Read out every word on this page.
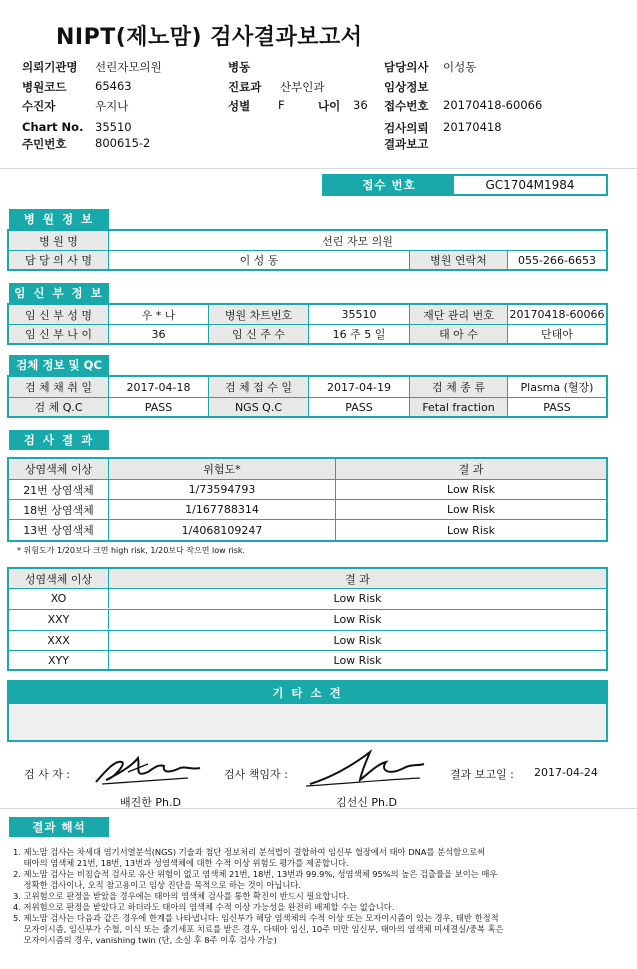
NIPT(제노맘) 검사결과보고서
의뢰기관명 선린자모의원	병동	담당의사 이성동
병원코드 65463	진료과 산부인과	임상정보
수진자	우지나	성별 F	나이 36 접수번호 20170418-60066
Chart No. 35510	검사의뢰 20170418
주민번호 800615-2	결과보고
접수 번호	GC1704M1984
병 원 정 보
병 원 명	선린 자모 의원
담 당 의 사 명	이 성 동	병원 연락처	055-266-6653
임 신 부 정 보
임 신 부 성 명	우 * 나	병원 차트번호	35510	재단 관리 번호	20170418-60066
임 신 부 나 이	36	임 신 주 수	16 주 5 일	태 아 수	단태아
검체 정보 및 QC
검 체 채 취 일	2017-04-18	검 체 접 수 일	2017-04-19	검 체 종 류	Plasma (혈장)
검 체 Q.C	PASS	NGS Q.C	PASS	Fetal fraction	PASS
검 사 결 과
상염색체 이상	위험도*	결 과
21번 상염색체	1/73594793	Low Risk
18번 상염색체	1/167788314	Low Risk
13번 상염색체	1/4068109247	Low Risk
* 위험도가 1/20보다 크면 high risk, 1/20보다 작으면 low risk.
성염색체 이상	결 과
XO	Low Risk
XXY	Low Risk
XXX	Low Risk
XYY	Low Risk
기 타 소 견
검 사 자 :
배진한 Ph.D
검사 책임자 :
김선신 Ph.D
결과 보고일 : 2017-04-24
결과 해석
1. 제노맘 검사는 차세대 염기서열분석(NGS) 기술과 첨단 정보처리 분석법이 결합하여 임신부 혈장에서 태아 DNA를 분석함으로써
태아의 염색체 21번, 18번, 13번과 성염색체에 대한 수적 이상 위험도 평가를 제공합니다.
2. 제노맘 검사는 비침습적 검사로 유산 위험이 없고 염색체 21번, 18번, 13번과 99.9%, 성염색체 95%의 높은 검출률을 보이는 매우
정확한 검사이나, 오직 참고용이고 임상 진단을 목적으로 하는 것이 아닙니다.
3. 고위험으로 판정을 받았을 경우에는 태아의 염색체 검사를 통한 확진이 반드시 필요합니다.
4. 저위험으로 판정을 받았다고 하더라도 태아의 염색체 수적 이상 가능성을 완전히 배제할 수는 없습니다.
5. 제노맘 검사는 다음과 같은 경우에 한계를 나타냅니다: 임신부가 해당 염색체의 수적 이상 또는 모자이시즘이 있는 경우, 태반 한정적
모자이시즘, 임신부가 수혈, 이식 또는 줄기세포 치료를 받은 경우, 다태아 임신, 10주 미만 임신부, 태아의 염색체 미세결실/중복 혹은
모자이시즘의 경우, vanishing twin (단, 소실 후 8주 이후 검사 가능)
